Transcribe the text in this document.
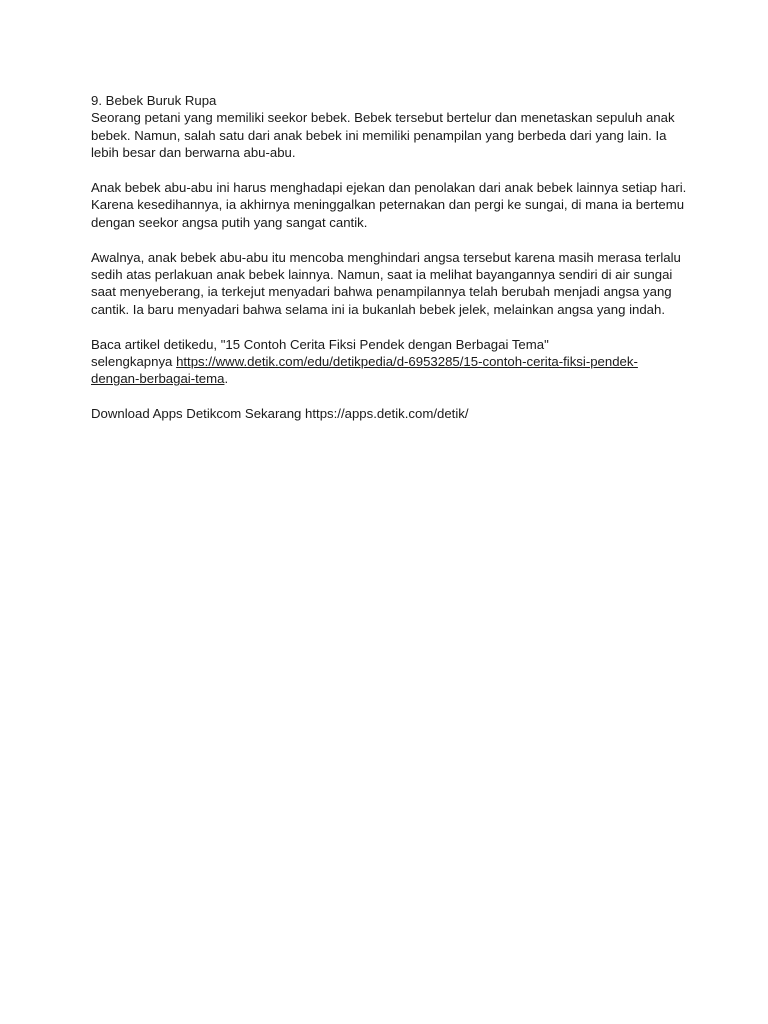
9. Bebek Buruk Rupa
Seorang petani yang memiliki seekor bebek. Bebek tersebut bertelur dan menetaskan sepuluh anak bebek. Namun, salah satu dari anak bebek ini memiliki penampilan yang berbeda dari yang lain. Ia lebih besar dan berwarna abu-abu.

Anak bebek abu-abu ini harus menghadapi ejekan dan penolakan dari anak bebek lainnya setiap hari. Karena kesedihannya, ia akhirnya meninggalkan peternakan dan pergi ke sungai, di mana ia bertemu dengan seekor angsa putih yang sangat cantik.

Awalnya, anak bebek abu-abu itu mencoba menghindari angsa tersebut karena masih merasa terlalu sedih atas perlakuan anak bebek lainnya. Namun, saat ia melihat bayangannya sendiri di air sungai saat menyeberang, ia terkejut menyadari bahwa penampilannya telah berubah menjadi angsa yang cantik. Ia baru menyadari bahwa selama ini ia bukanlah bebek jelek, melainkan angsa yang indah.

Baca artikel detikedu, "15 Contoh Cerita Fiksi Pendek dengan Berbagai Tema"
selengkapnya https://www.detik.com/edu/detikpedia/d-6953285/15-contoh-cerita-fiksi-pendek-
dengan-berbagai-tema.

Download Apps Detikcom Sekarang https://apps.detik.com/detik/
